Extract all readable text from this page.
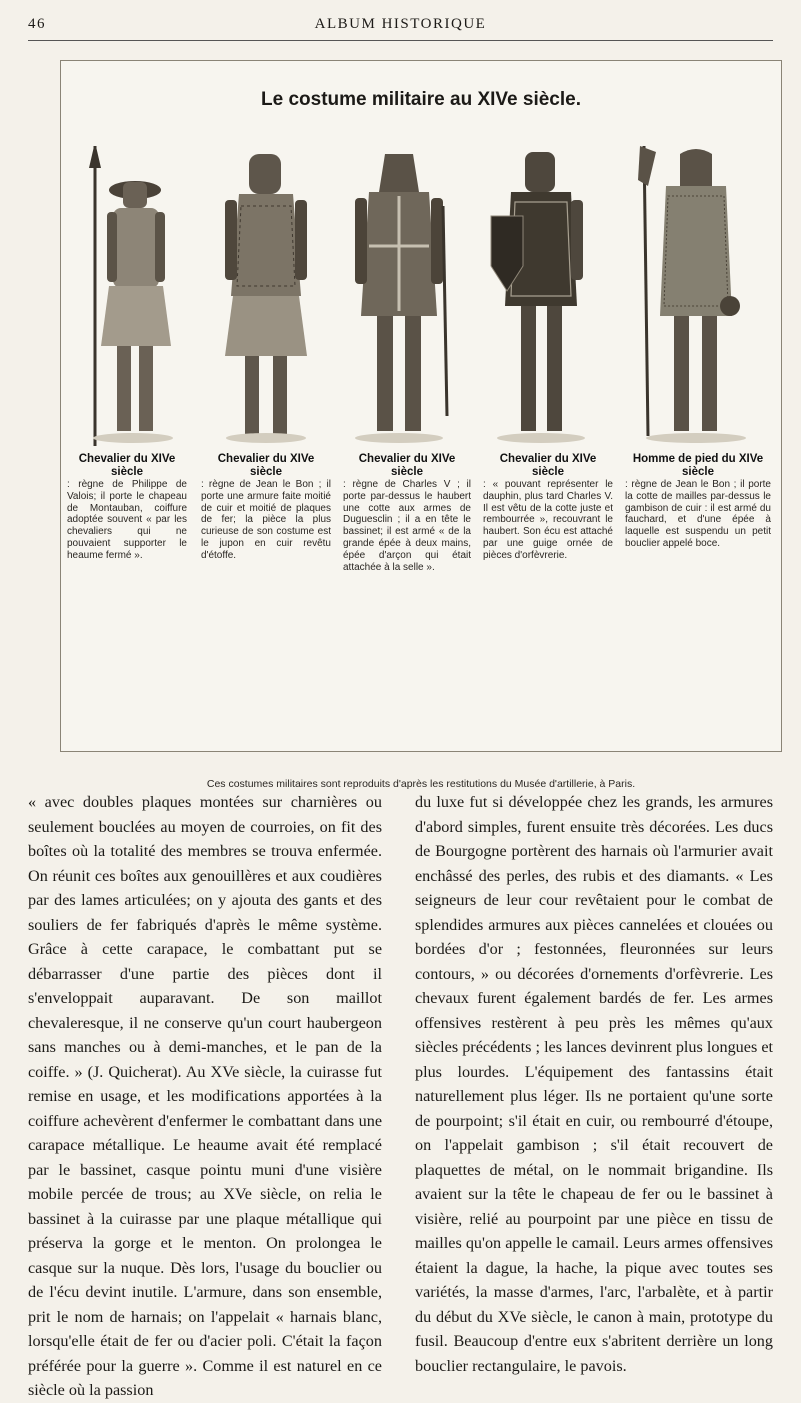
46	ALBUM HISTORIQUE
Le costume militaire au XIVe siècle.
Chevalier du XIVe siècle
: règne de Philippe de Valois; il porte le chapeau de Montauban, coiffure adoptée souvent « par les chevaliers qui ne pouvaient supporter le heaume fermé ».
Chevalier du XIVe siècle
: règne de Jean le Bon ; il porte une armure faite moitié de cuir et moitié de plaques de fer; la pièce la plus curieuse de son costume est le jupon en cuir revêtu d'étoffe.
Chevalier du XIVe siècle
: règne de Charles V ; il porte par-dessus le haubert une cotte aux armes de Duguesclin ; il a en tête le bassinet; il est armé « de la grande épée à deux mains, épée d'arçon qui était attachée à la selle ».
Chevalier du XIVe siècle
: « pouvant représenter le dauphin, plus tard Charles V. Il est vêtu de la cotte juste et rembourrée », recouvrant le haubert. Son écu est attaché par une guige ornée de pièces d'orfèvrerie.
Homme de pied du XIVe siècle
: règne de Jean le Bon ; il porte la cotte de mailles par-dessus le gambison de cuir : il est armé du fauchard, et d'une épée à laquelle est suspendu un petit bouclier appelé boce.
Ces costumes militaires sont reproduits d'après les restitutions du Musée d'artillerie, à Paris.

« avec doubles plaques montées sur charnières ou seulement bouclées au moyen de courroies, on fit des boîtes où la totalité des membres se trouva enfermée. On réunit ces boîtes aux genouillères et aux coudières par des lames articulées; on y ajouta des gants et des souliers de fer fabriqués d'après le même système. Grâce à cette carapace, le combattant put se débarrasser d'une partie des pièces dont il s'enveloppait auparavant. De son maillot chevaleresque, il ne conserve qu'un court haubergeon sans manches ou à demi-manches, et le pan de la coiffe. » (J. Quicherat). Au XVe siècle, la cuirasse fut remise en usage, et les modifications apportées à la coiffure achevèrent d'enfermer le combattant dans une carapace métallique. Le heaume avait été remplacé par le bassinet, casque pointu muni d'une visière mobile percée de trous; au XVe siècle, on relia le bassinet à la cuirasse par une plaque métallique qui préserva la gorge et le menton. On prolongea le casque sur la nuque. Dès lors, l'usage du bouclier ou de l'écu devint inutile. L'armure, dans son ensemble, prit le nom de harnais; on l'appelait « harnais blanc, lorsqu'elle était de fer ou d'acier poli. C'était la façon préférée pour la guerre ». Comme il est naturel en ce siècle où la passion

du luxe fut si développée chez les grands, les armures d'abord simples, furent ensuite très décorées. Les ducs de Bourgogne portèrent des harnais où l'armurier avait enchâssé des perles, des rubis et des diamants. « Les seigneurs de leur cour revêtaient pour le combat de splendides armures aux pièces cannelées et clouées ou bordées d'or ; festonnées, fleuronnées sur leurs contours, » ou décorées d'ornements d'orfèvrerie. Les chevaux furent également bardés de fer. Les armes offensives restèrent à peu près les mêmes qu'aux siècles précédents ; les lances devinrent plus longues et plus lourdes. L'équipement des fantassins était naturellement plus léger. Ils ne portaient qu'une sorte de pourpoint; s'il était en cuir, ou rembourré d'étoupe, on l'appelait gambison ; s'il était recouvert de plaquettes de métal, on le nommait brigandine. Ils avaient sur la tête le chapeau de fer ou le bassinet à visière, relié au pourpoint par une pièce en tissu de mailles qu'on appelle le camail. Leurs armes offensives étaient la dague, la hache, la pique avec toutes ses variétés, la masse d'armes, l'arc, l'arbalète, et à partir du début du XVe siècle, le canon à main, prototype du fusil. Beaucoup d'entre eux s'abritent derrière un long bouclier rectangulaire, le pavois.
